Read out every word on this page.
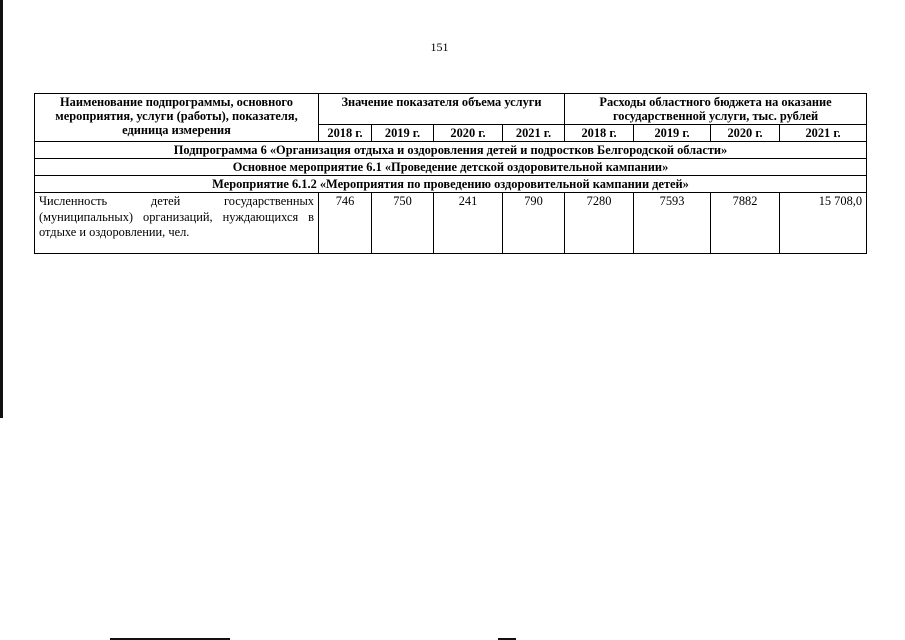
151
Наименование подпрограммы, основного мероприятия, услуги (работы), показателя, единица измерения	Значение показателя объема услуги				Расходы областного бюджета на оказание государственной услуги, тыс. рублей			
	2018 г.	2019 г.	2020 г.	2021 г.	2018 г.	2019 г.	2020 г.	2021 г.
Подпрограмма 6 «Организация отдыха и оздоровления детей и подростков Белгородской области»								
Основное мероприятие 6.1 «Проведение детской оздоровительной кампании»								
Мероприятие 6.1.2 «Мероприятия по проведению оздоровительной кампании детей»								
Численность детей государственных (муниципальных) организаций, нуждающихся в отдыхе и оздоровлении, чел.	746	750	241	790	7280	7593	7882	15 708,0
